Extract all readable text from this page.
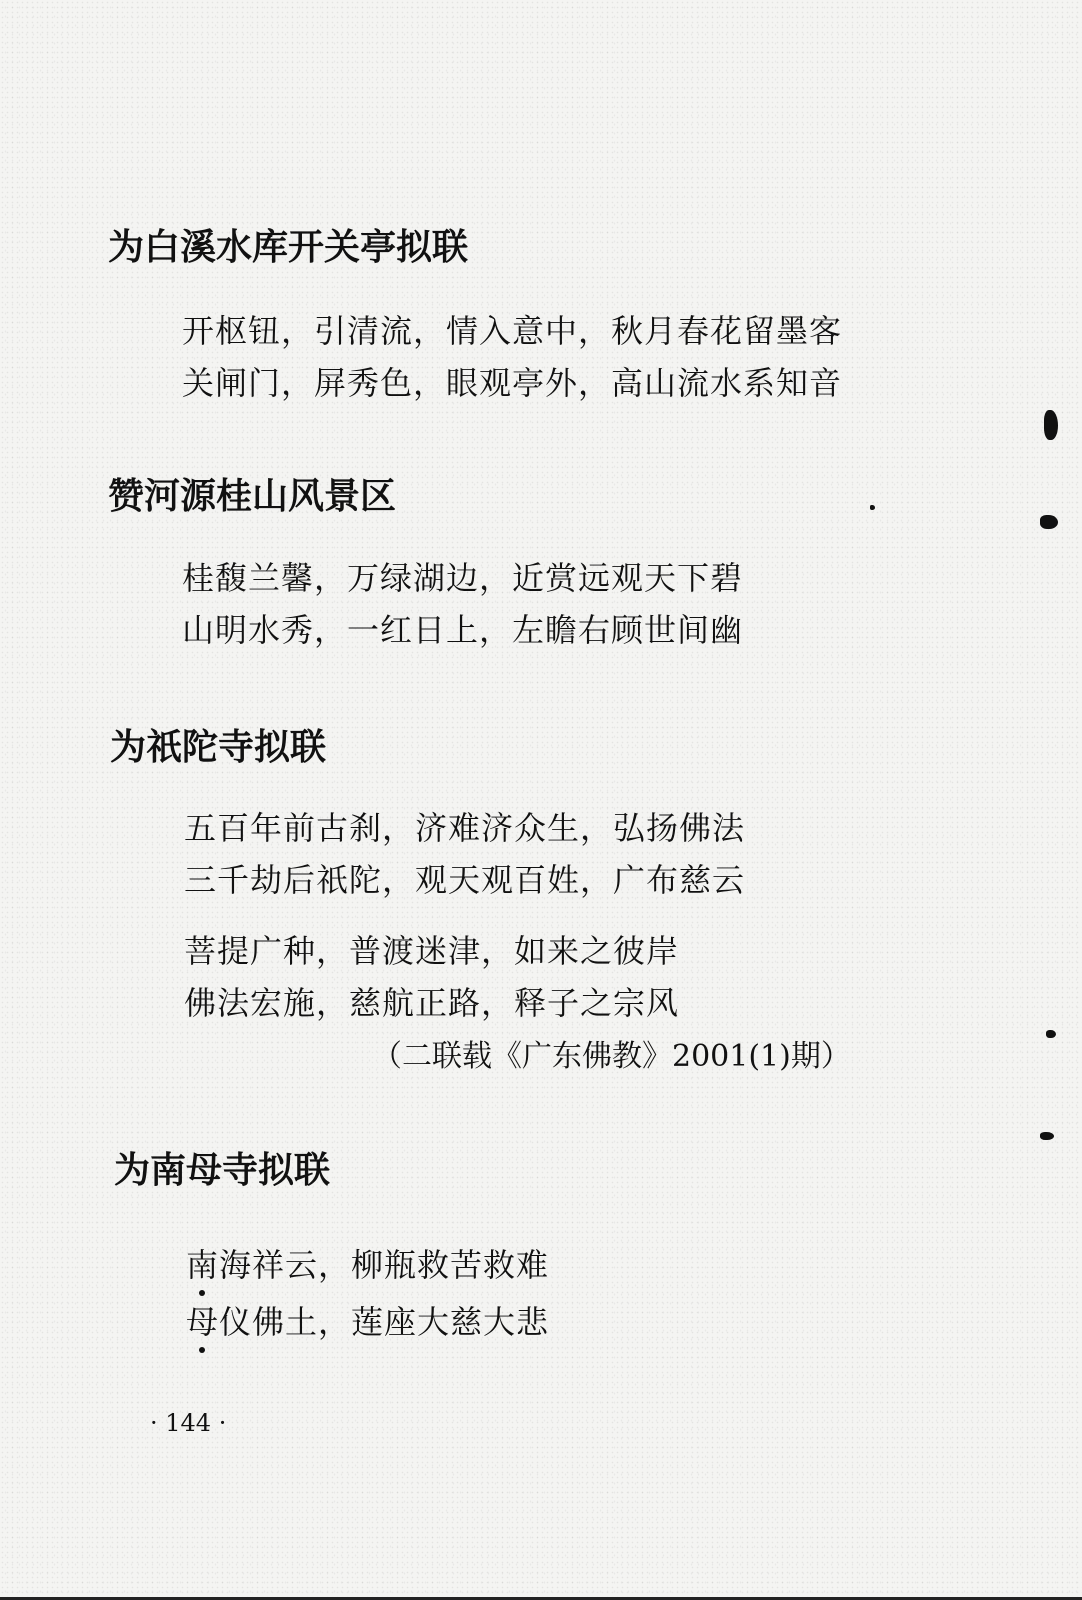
为白溪水库开关亭拟联

开枢钮，引清流，情入意中，秋月春花留墨客

关闸门，屏秀色，眼观亭外，高山流水系知音

赞河源桂山风景区

桂馥兰馨，万绿湖边，近赏远观天下碧

山明水秀，一红日上，左瞻右顾世间幽

为祇陀寺拟联

五百年前古刹，济难济众生，弘扬佛法

三千劫后祇陀，观天观百姓，广布慈云

菩提广种，普渡迷津，如来之彼岸

佛法宏施，慈航正路，释子之宗风

（二联载《广东佛教》2001(1)期）

为南母寺拟联

南海祥云，柳瓶救苦救难

母仪佛土，莲座大慈大悲

· 144 ·
